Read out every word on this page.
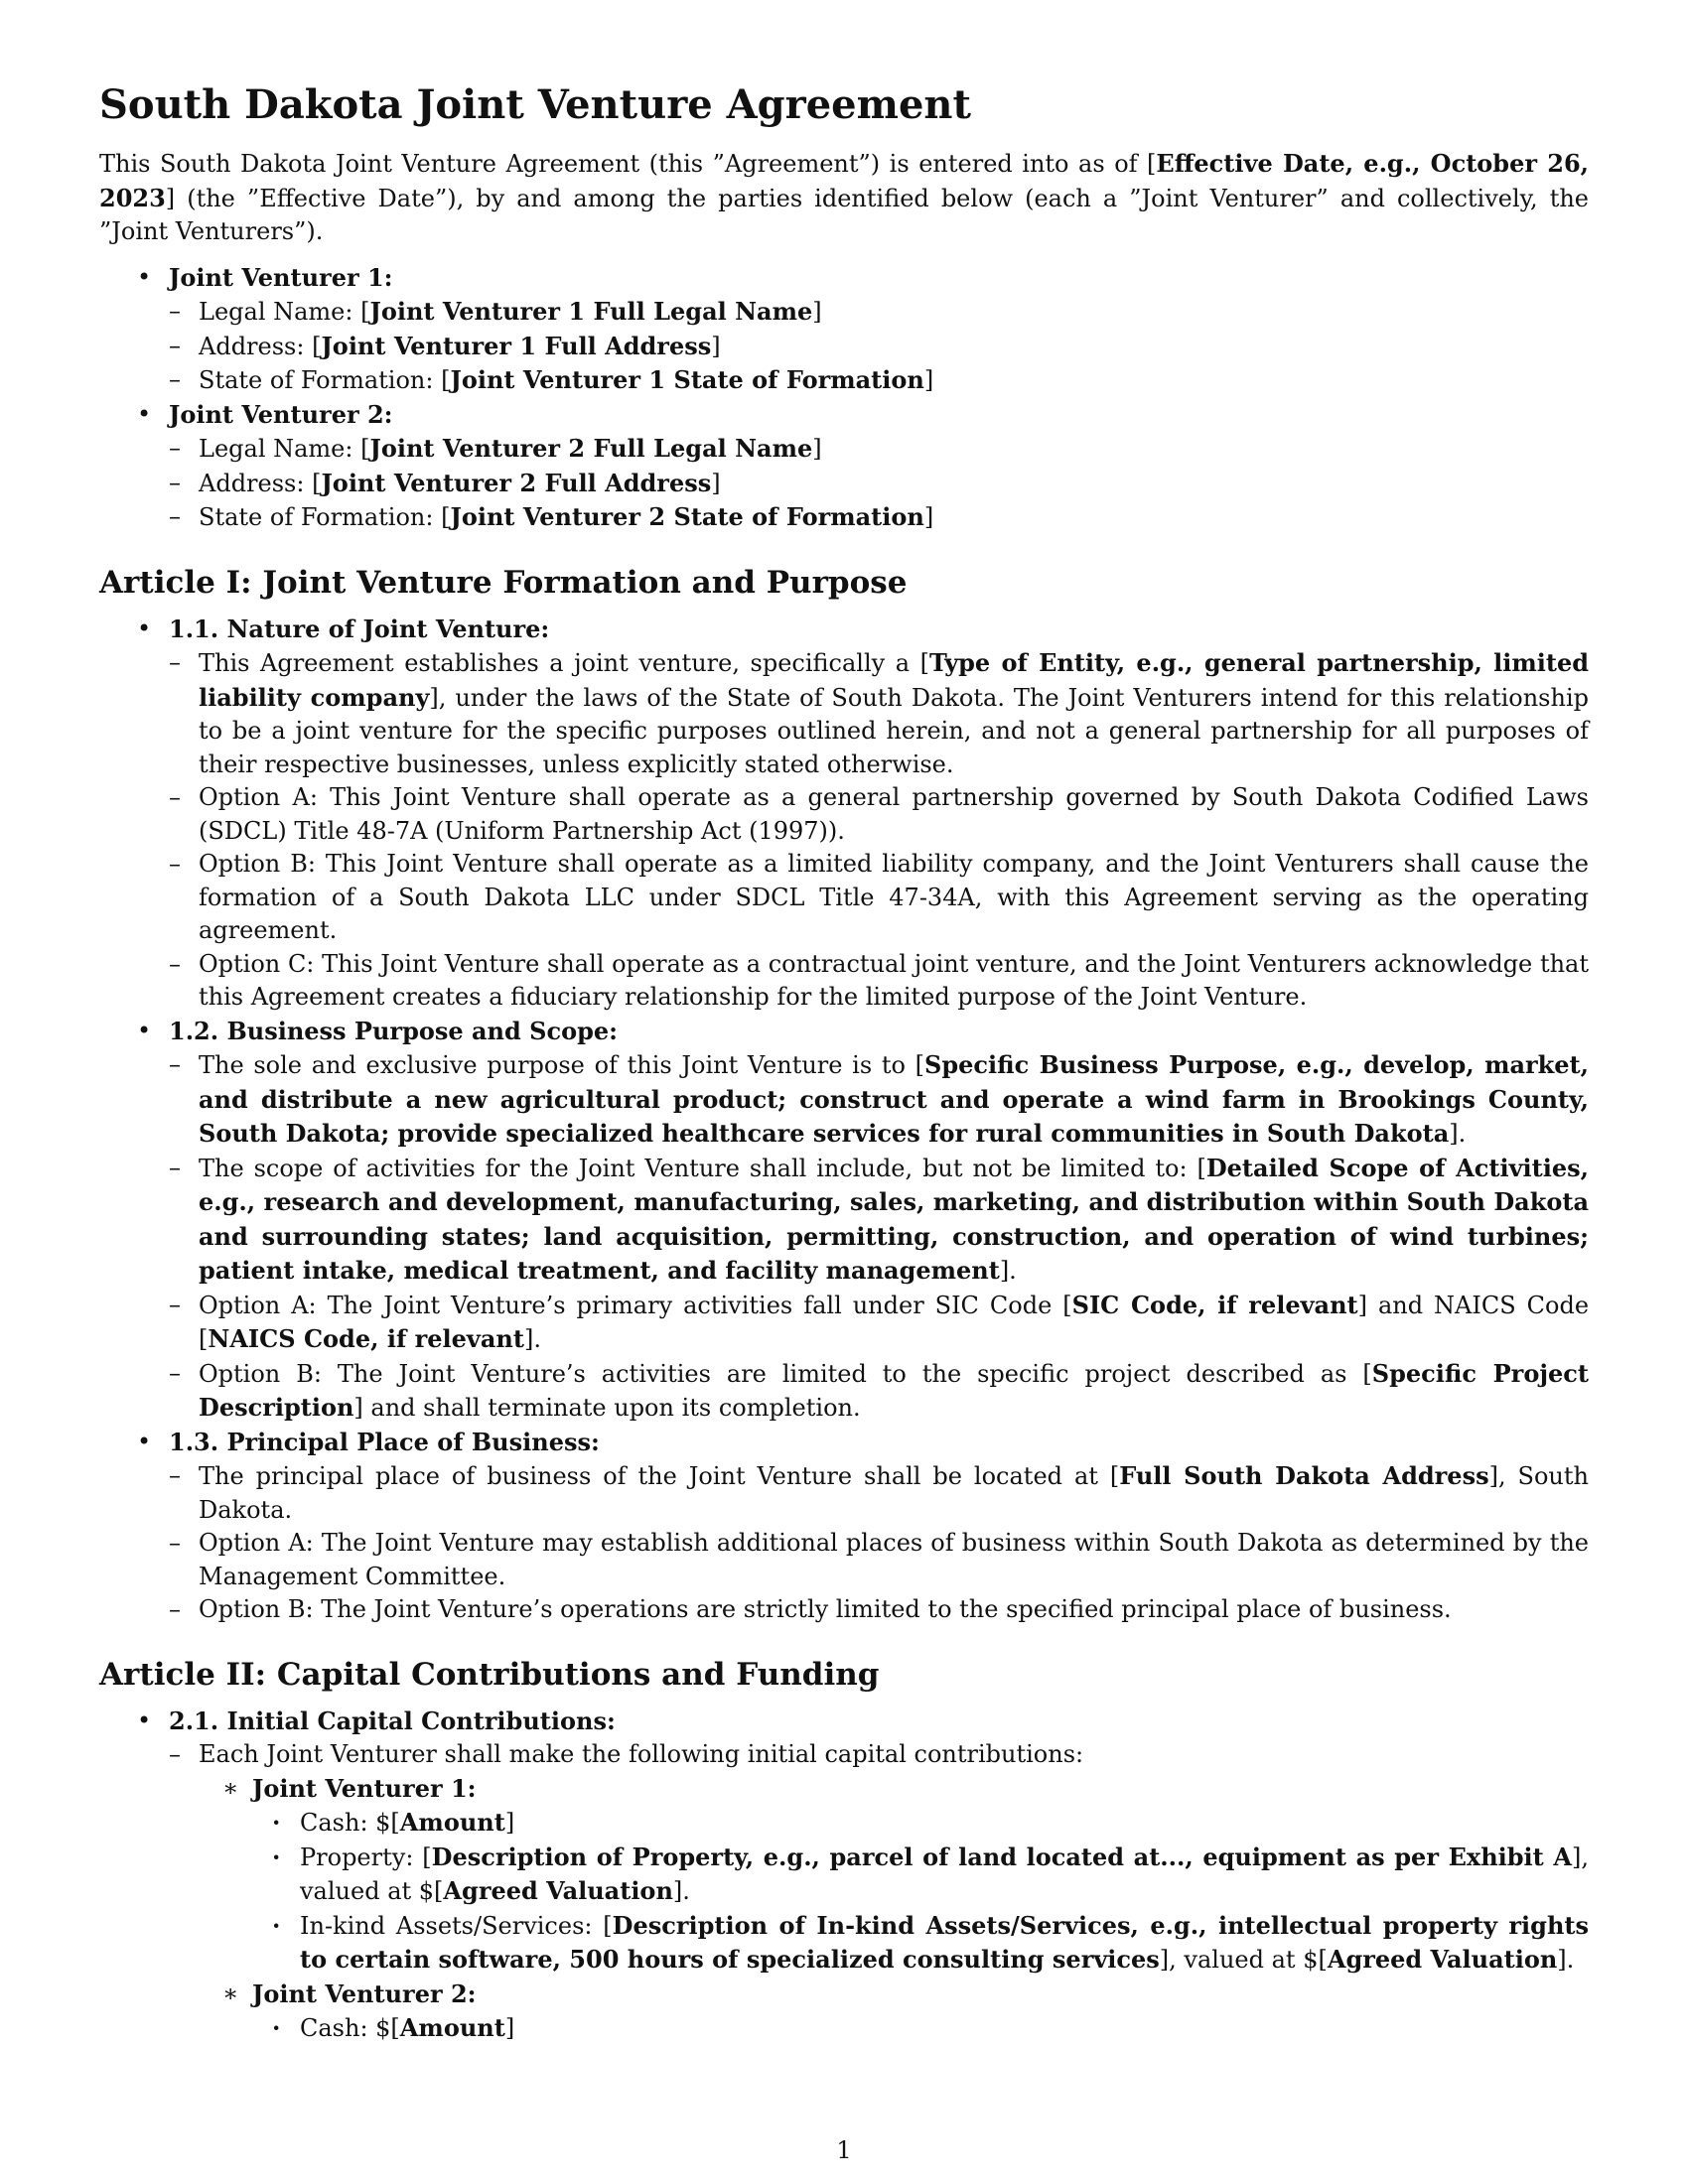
South Dakota Joint Venture Agreement

This South Dakota Joint Venture Agreement (this ”Agreement”) is entered into as of [Effective Date, e.g., October 26, 2023] (the ”Effective Date”), by and among the parties identified below (each a ”Joint Venturer” and collectively, the ”Joint Venturers”).

• Joint Venturer 1:
– Legal Name: [Joint Venturer 1 Full Legal Name]
– Address: [Joint Venturer 1 Full Address]
– State of Formation: [Joint Venturer 1 State of Formation]
• Joint Venturer 2:
– Legal Name: [Joint Venturer 2 Full Legal Name]
– Address: [Joint Venturer 2 Full Address]
– State of Formation: [Joint Venturer 2 State of Formation]
Article I: Joint Venture Formation and Purpose
• 1.1. Nature of Joint Venture:
– This Agreement establishes a joint venture, specifically a [Type of Entity, e.g., general partnership, limited liability company], under the laws of the State of South Dakota. The Joint Venturers intend for this relationship to be a joint venture for the specific purposes outlined herein, and not a general partnership for all purposes of their respective businesses, unless explicitly stated otherwise.
– Option A: This Joint Venture shall operate as a general partnership governed by South Dakota Codified Laws (SDCL) Title 48-7A (Uniform Partnership Act (1997)).
– Option B: This Joint Venture shall operate as a limited liability company, and the Joint Venturers shall cause the formation of a South Dakota LLC under SDCL Title 47-34A, with this Agreement serving as the operating agreement.
– Option C: This Joint Venture shall operate as a contractual joint venture, and the Joint Venturers acknowledge that this Agreement creates a fiduciary relationship for the limited purpose of the Joint Venture.
• 1.2. Business Purpose and Scope:
– The sole and exclusive purpose of this Joint Venture is to [Specific Business Purpose, e.g., develop, market, and distribute a new agricultural product; construct and operate a wind farm in Brookings County, South Dakota; provide specialized healthcare services for rural communities in South Dakota].
– The scope of activities for the Joint Venture shall include, but not be limited to: [Detailed Scope of Activities, e.g., research and development, manufacturing, sales, marketing, and distribution within South Dakota and surrounding states; land acquisition, permitting, construction, and operation of wind turbines; patient intake, medical treatment, and facility management].
– Option A: The Joint Venture’s primary activities fall under SIC Code [SIC Code, if relevant] and NAICS Code [NAICS Code, if relevant].
– Option B: The Joint Venture’s activities are limited to the specific project described as [Specific Project Description] and shall terminate upon its completion.
• 1.3. Principal Place of Business:
– The principal place of business of the Joint Venture shall be located at [Full South Dakota Address], South Dakota.
– Option A: The Joint Venture may establish additional places of business within South Dakota as determined by the Management Committee.
– Option B: The Joint Venture’s operations are strictly limited to the specified principal place of business.
Article II: Capital Contributions and Funding
• 2.1. Initial Capital Contributions:
– Each Joint Venturer shall make the following initial capital contributions:
∗ Joint Venturer 1:
· Cash: $[Amount]
· Property: [Description of Property, e.g., parcel of land located at..., equipment as per Exhibit A], valued at $[Agreed Valuation].
· In-kind Assets/Services: [Description of In-kind Assets/Services, e.g., intellectual property rights to certain software, 500 hours of specialized consulting services], valued at $[Agreed Valuation].
∗ Joint Venturer 2:
· Cash: $[Amount]
1
